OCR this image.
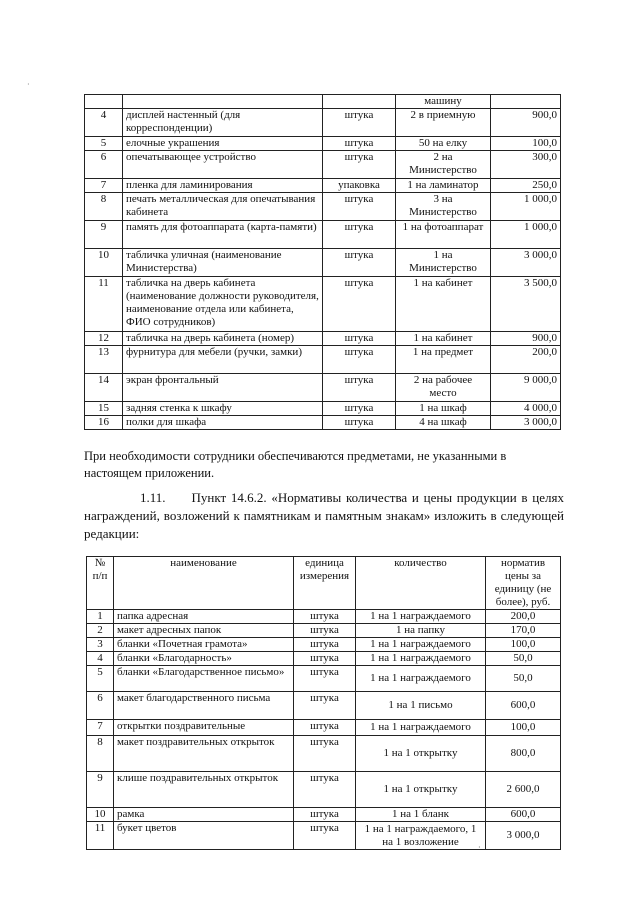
·
			машину	
4	дисплей настенный (для корреспонденции)	штука	2 в приемную	900,0
5	елочные украшения	штука	50 на елку	100,0
6	опечатывающее устройство	штука	2 на Министерство	300,0
7	пленка для ламинирования	упаковка	1 на ламинатор	250,0
8	печать металлическая для опечатывания кабинета	штука	3 на Министерство	1 000,0
9	память для фотоаппарата (карта-памяти)	штука	1 на фотоаппарат	1 000,0
10	табличка уличная (наименование Министерства)	штука	1 на Министерство	3 000,0
11	табличка на дверь кабинета (наименование должности руководителя, наименование отдела или кабинета, ФИО сотрудников)	штука	1 на кабинет	3 500,0
12	табличка на дверь кабинета (номер)	штука	1 на кабинет	900,0
13	фурнитура для мебели (ручки, замки)	штука	1 на предмет	200,0
14	экран фронтальный	штука	2 на рабочее место	9 000,0
15	задняя стенка к шкафу	штука	1 на шкаф	4 000,0
16	полки для шкафа	штука	4 на шкаф	3 000,0
При необходимости сотрудники обеспечиваются предметами, не указанными в настоящем приложении.
1.11.  Пункт 14.6.2. «Нормативы количества и цены продукции в целях награждений, возложений к памятникам и памятным знакам» изложить в следующей редакции:
№ п/п	наименование	единица измерения	количество	норматив цены за единицу (не более), руб.
1	папка адресная	штука	1 на 1 награждаемого	200,0
2	макет адресных папок	штука	1 на папку	170,0
3	бланки «Почетная грамота»	штука	1 на 1 награждаемого	100,0
4	бланки «Благодарность»	штука	1 на 1 награждаемого	50,0
5	бланки «Благодарственное письмо»	штука	1 на 1 награждаемого	50,0
6	макет благодарственного письма	штука	1 на 1 письмо	600,0
7	открытки поздравительные	штука	1 на 1 награждаемого	100,0
8	макет поздравительных открыток	штука	1 на 1 открытку	800,0
9	клише поздравительных открыток	штука	1 на 1 открытку	2 600,0
10	рамка	штука	1 на 1 бланк	600,0
11	букет цветов	штука	1 на 1 награждаемого, 1 на 1 возложение	3 000,0
·
